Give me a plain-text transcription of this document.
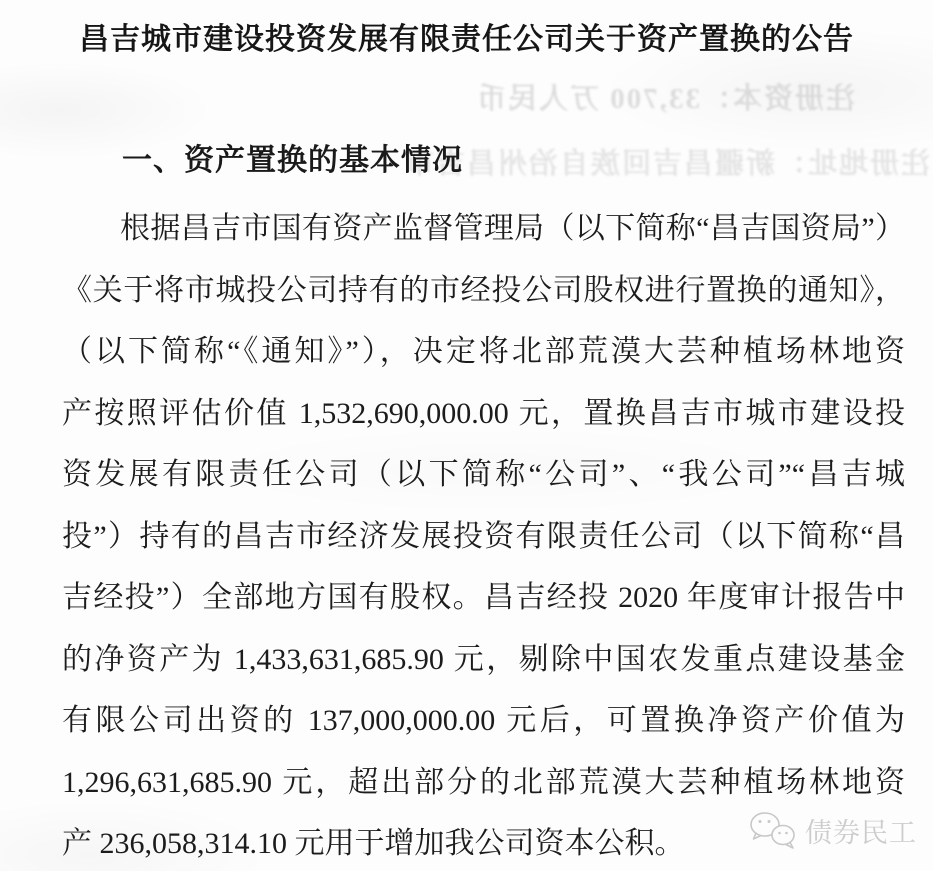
注册资本：33,700 万人民币
注册地址：新疆昌吉回族自治州昌吉市
昌吉城市建设投资发展有限责任公司关于资产置换的公告
一、资产置换的基本情况
根据昌吉市国有资产监督管理局（以下简称“昌吉国资局”）
《关于将市城投公司持有的市经投公司股权进行置换的通知》，
（以下简称“《通知》”），决定将北部荒漠大芸种植场林地资
产按照评估价值 1,532,690,000.00 元，置换昌吉市城市建设投
资发展有限责任公司（以下简称“公司”、“我公司”“昌吉城
投”）持有的昌吉市经济发展投资有限责任公司（以下简称“昌
吉经投”）全部地方国有股权。昌吉经投 2020 年度审计报告中
的净资产为 1,433,631,685.90 元，剔除中国农发重点建设基金
有限公司出资的 137,000,000.00 元后，可置换净资产价值为
1,296,631,685.90 元，超出部分的北部荒漠大芸种植场林地资
产 236,058,314.10 元用于增加我公司资本公积。	债券民工
